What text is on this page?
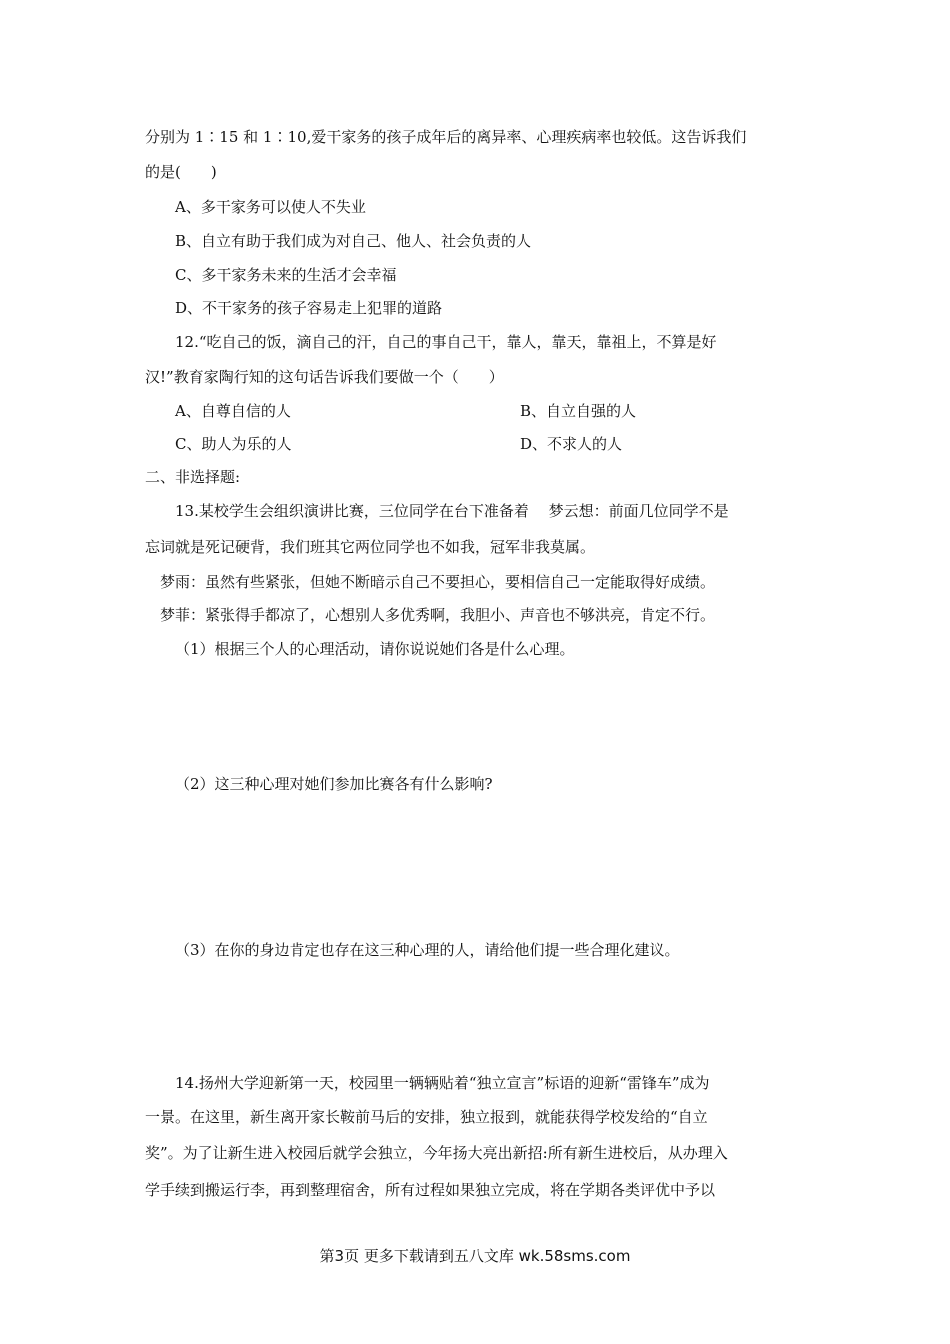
分别为 1∶15 和 1∶10,爱干家务的孩子成年后的离异率、心理疾病率也较低。这告诉我们
的是(　　)
A、多干家务可以使人不失业
B、自立有助于我们成为对自己、他人、社会负责的人
C、多干家务未来的生活才会幸福
D、不干家务的孩子容易走上犯罪的道路
12.“吃自己的饭，滴自己的汗，自己的事自己干，靠人，靠天，靠祖上，不算是好
汉!”教育家陶行知的这句话告诉我们要做一个（　　）
A、自尊自信的人	B、自立自强的人
C、助人为乐的人	D、不求人的人
二、非选择题:
13.某校学生会组织演讲比赛，三位同学在台下准备着　 梦云想：前面几位同学不是
忘词就是死记硬背，我们班其它两位同学也不如我，冠军非我莫属。
梦雨：虽然有些紧张，但她不断暗示自己不要担心，要相信自己一定能取得好成绩。
梦菲：紧张得手都凉了，心想别人多优秀啊，我胆小、声音也不够洪亮，肯定不行。
（1）根据三个人的心理活动，请你说说她们各是什么心理。
（2）这三种心理对她们参加比赛各有什么影响?
（3）在你的身边肯定也存在这三种心理的人，请给他们提一些合理化建议。
14.扬州大学迎新第一天，校园里一辆辆贴着“独立宣言”标语的迎新“雷锋车”成为
一景。在这里，新生离开家长鞍前马后的安排，独立报到，就能获得学校发给的“自立
奖”。为了让新生进入校园后就学会独立，今年扬大亮出新招:所有新生进校后，从办理入
学手续到搬运行李，再到整理宿舍，所有过程如果独立完成，将在学期各类评优中予以
第3页 更多下载请到五八文库 wk.58sms.com
